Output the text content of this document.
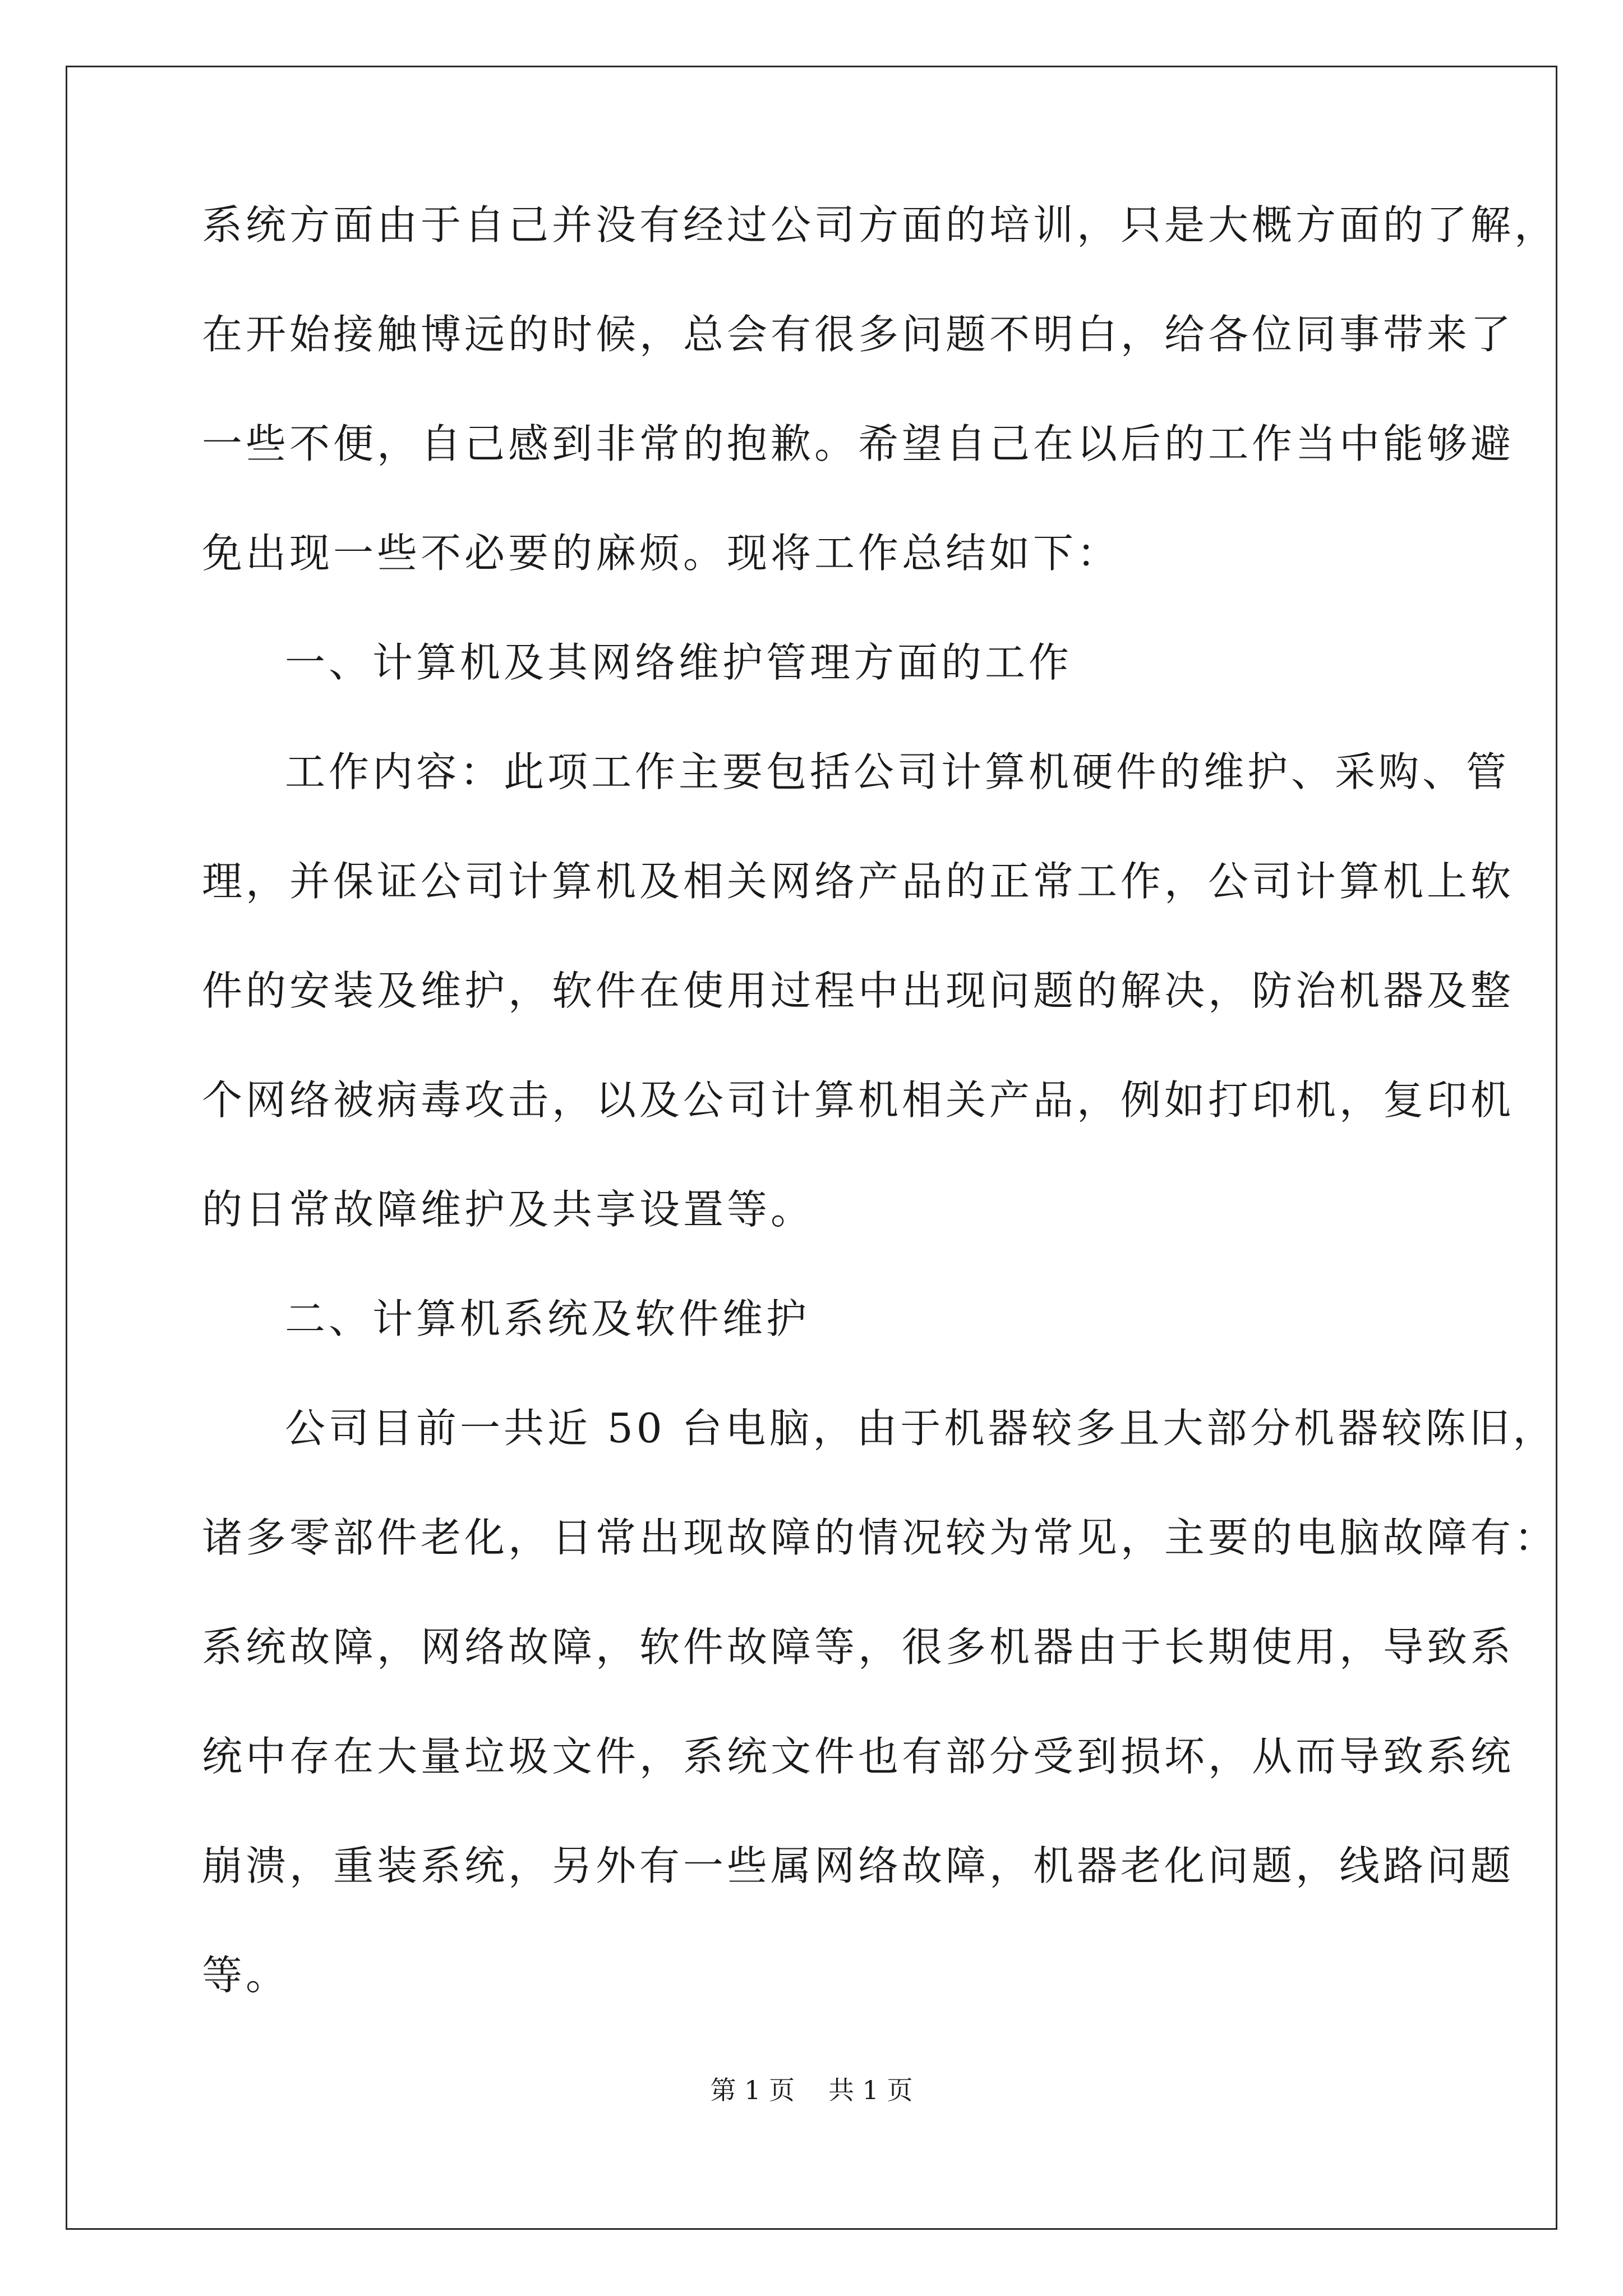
系统方面由于自己并没有经过公司方面的培训，只是大概方面的了解，
在开始接触博远的时候，总会有很多问题不明白，给各位同事带来了
一些不便，自己感到非常的抱歉。希望自己在以后的工作当中能够避
免出现一些不必要的麻烦。现将工作总结如下：
一、计算机及其网络维护管理方面的工作
工作内容：此项工作主要包括公司计算机硬件的维护、采购、管
理，并保证公司计算机及相关网络产品的正常工作，公司计算机上软
件的安装及维护，软件在使用过程中出现问题的解决，防治机器及整
个网络被病毒攻击，以及公司计算机相关产品，例如打印机，复印机
的日常故障维护及共享设置等。
二、计算机系统及软件维护
公司目前一共近 50 台电脑，由于机器较多且大部分机器较陈旧，
诸多零部件老化，日常出现故障的情况较为常见，主要的电脑故障有：
系统故障，网络故障，软件故障等，很多机器由于长期使用，导致系
统中存在大量垃圾文件，系统文件也有部分受到损坏，从而导致系统
崩溃，重装系统，另外有一些属网络故障，机器老化问题，线路问题
等。
第 1 页 共 1 页
